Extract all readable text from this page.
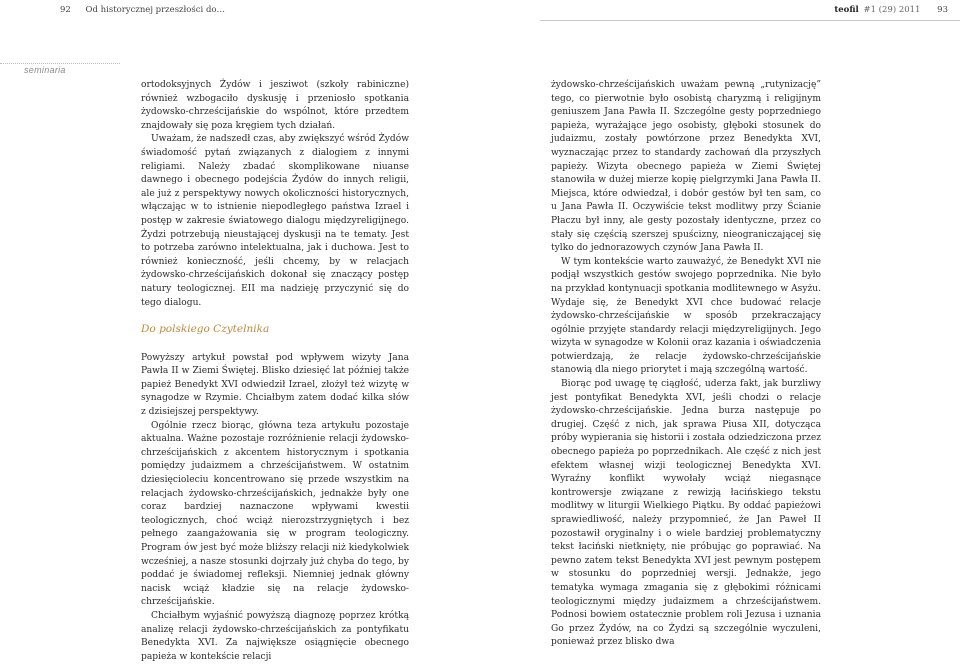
92 Od historycznej przeszłości do…	teofil #1 (29) 2011 93
seminaria

ortodoksyjnych Żydów i jesziwot (szkoły rabiniczne) również wzbogaciło dyskusję i przeniosło spotkania żydowsko-chrześcijańskie do wspólnot, które przedtem znajdowały się poza kręgiem tych działań.

Uważam, że nadszedł czas, aby zwiększyć wśród Żydów świadomość pytań związanych z dialogiem z innymi religiami. Należy zbadać skomplikowane niuanse dawnego i obecnego podejścia Żydów do innych religii, ale już z perspektywy nowych okoliczności historycznych, włączając w to istnienie niepodległego państwa Izrael i postęp w zakresie światowego dialogu międzyreligijnego. Żydzi potrzebują nieustającej dyskusji na te tematy. Jest to potrzeba zarówno intelektualna, jak i duchowa. Jest to również konieczność, jeśli chcemy, by w relacjach żydowsko-chrześcijańskich dokonał się znaczący postęp natury teologicznej. EII ma nadzieję przyczynić się do tego dialogu.

Do polskiego Czytelnika

Powyższy artykuł powstał pod wpływem wizyty Jana Pawła II w Ziemi Świętej. Blisko dziesięć lat później także papież Benedykt XVI odwiedził Izrael, złożył też wizytę w synagodze w Rzymie. Chciałbym zatem dodać kilka słów z dzisiejszej perspektywy.

Ogólnie rzecz biorąc, główna teza artykułu pozostaje aktualna. Ważne pozostaje rozróżnienie relacji żydowsko-chrześcijańskich z akcentem historycznym i spotkania pomiędzy judaizmem a chrześcijaństwem. W ostatnim dziesięcioleciu koncentrowano się przede wszystkim na relacjach żydowsko-chrześcijańskich, jednakże były one coraz bardziej naznaczone wpływami kwestii teologicznych, choć wciąż nierozstrzygniętych i bez pełnego zaangażowania się w program teologiczny. Program ów jest być może bliższy relacji niż kiedykolwiek wcześniej, a nasze stosunki dojrzały już chyba do tego, by poddać je świadomej refleksji. Niemniej jednak główny nacisk wciąż kładzie się na relacje żydowsko-chrześcijańskie.

Chciałbym wyjaśnić powyższą diagnozę poprzez krótką analizę relacji żydowsko-chrześcijańskich za pontyfikatu Benedykta XVI. Za największe osiągnięcie obecnego papieża w kontekście relacji

żydowsko-chrześcijańskich uważam pewną „rutynizację” tego, co pierwotnie było osobistą charyzmą i religijnym geniuszem Jana Pawła II. Szczególne gesty poprzedniego papieża, wyrażające jego osobisty, głęboki stosunek do judaizmu, zostały powtórzone przez Benedykta XVI, wyznaczając przez to standardy zachowań dla przyszłych papieży. Wizyta obecnego papieża w Ziemi Świętej stanowiła w dużej mierze kopię pielgrzymki Jana Pawła II. Miejsca, które odwiedzał, i dobór gestów był ten sam, co u Jana Pawła II. Oczywiście tekst modlitwy przy Ścianie Płaczu był inny, ale gesty pozostały identyczne, przez co stały się częścią szerszej spuścizny, nieograniczającej się tylko do jednorazowych czynów Jana Pawła II.

W tym kontekście warto zauważyć, że Benedykt XVI nie podjął wszystkich gestów swojego poprzednika. Nie było na przykład kontynuacji spotkania modlitewnego w Asyżu. Wydaje się, że Benedykt XVI chce budować relacje żydowsko-chrześcijańskie w sposób przekraczający ogólnie przyjęte standardy relacji międzyreligijnych. Jego wizyta w synagodze w Kolonii oraz kazania i oświadczenia potwierdzają, że relacje żydowsko-chrześcijańskie stanowią dla niego priorytet i mają szczególną wartość.

Biorąc pod uwagę tę ciągłość, uderza fakt, jak burzliwy jest pontyfikat Benedykta XVI, jeśli chodzi o relacje żydowsko-chrześcijańskie. Jedna burza następuje po drugiej. Część z nich, jak sprawa Piusa XII, dotycząca próby wypierania się historii i została odziedziczona przez obecnego papieża po poprzednikach. Ale część z nich jest efektem własnej wizji teologicznej Benedykta XVI. Wyraźny konflikt wywołały wciąż niegasnące kontrowersje związane z rewizją łacińskiego tekstu modlitwy w liturgii Wielkiego Piątku. By oddać papieżowi sprawiedliwość, należy przypomnieć, że Jan Paweł II pozostawił oryginalny i o wiele bardziej problematyczny tekst łaciński nietknięty, nie próbując go poprawiać. Na pewno zatem tekst Benedykta XVI jest pewnym postępem w stosunku do poprzedniej wersji. Jednakże, jego tematyka wymaga zmagania się z głębokimi różnicami teologicznymi między judaizmem a chrześcijaństwem. Podnosi bowiem ostatecznie problem roli Jezusa i uznania Go przez Żydów, na co Żydzi są szczególnie wyczuleni, ponieważ przez blisko dwa
